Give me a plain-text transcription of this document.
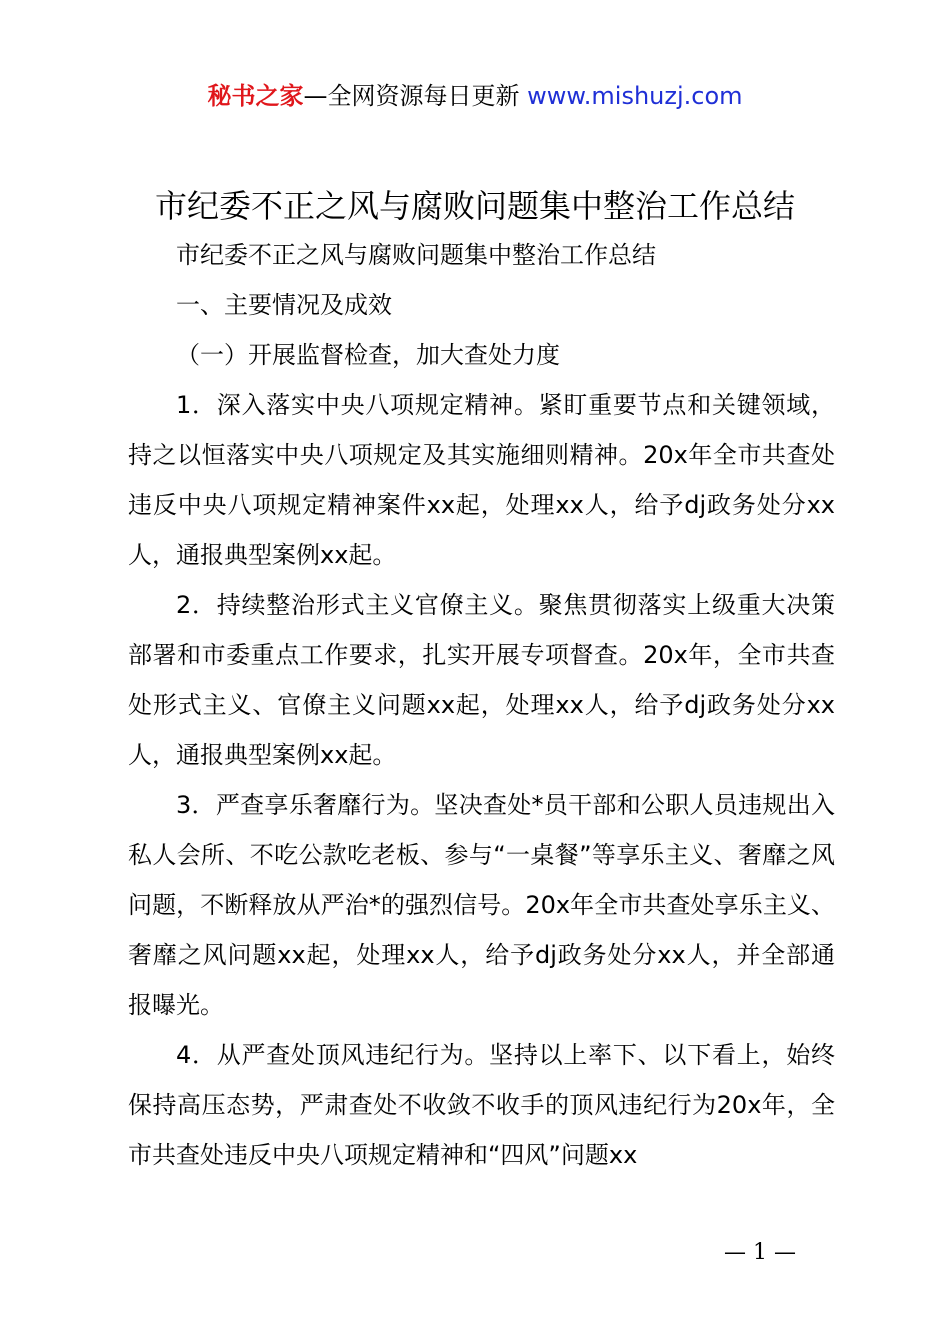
秘书之家—全网资源每日更新 www.mishuzj.com
市纪委不正之风与腐败问题集中整治工作总结

市纪委不正之风与腐败问题集中整治工作总结

一、主要情况及成效

（一）开展监督检查，加大查处力度

1．深入落实中央八项规定精神。紧盯重要节点和关键领域，持之以恒落实中央八项规定及其实施细则精神。20x年全市共查处违反中央八项规定精神案件xx起，处理xx人，给予dj政务处分xx人，通报典型案例xx起。

2．持续整治形式主义官僚主义。聚焦贯彻落实上级重大决策部署和市委重点工作要求，扎实开展专项督查。20x年，全市共查处形式主义、官僚主义问题xx起，处理xx人，给予dj政务处分xx人，通报典型案例xx起。

3．严查享乐奢靡行为。坚决查处*员干部和公职人员违规出入私人会所、不吃公款吃老板、参与“一桌餐”等享乐主义、奢靡之风问题，不断释放从严治*的强烈信号。20x年全市共查处享乐主义、奢靡之风问题xx起，处理xx人，给予dj政务处分xx人，并全部通报曝光。

4．从严查处顶风违纪行为。坚持以上率下、以下看上，始终保持高压态势，严肃查处不收敛不收手的顶风违纪行为20x年，全市共查处违反中央八项规定精神和“四风”问题xx

— 1 —
